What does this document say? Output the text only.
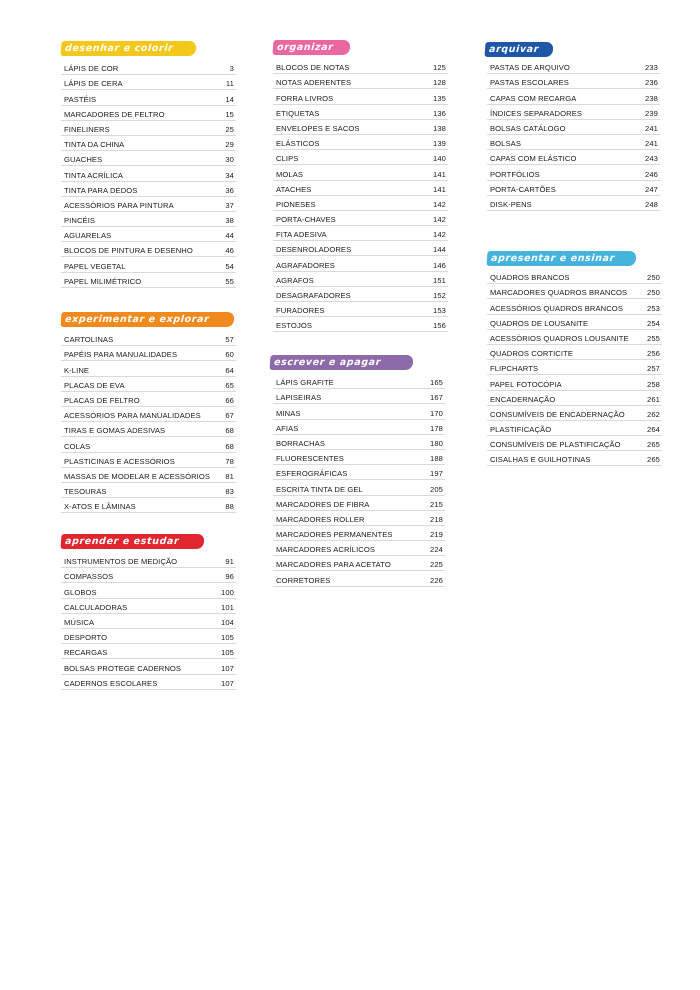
desenhar e colorir
LÁPIS DE COR	3
LÁPIS DE CERA	11
PASTÉIS	14
MARCADORES DE FELTRO	15
FINELINERS	25
TINTA DA CHINA	29
GUACHES	30
TINTA ACRÍLICA	34
TINTA PARA DEDOS	36
ACESSÓRIOS PARA PINTURA	37
PINCÉIS	38
AGUARELAS	44
BLOCOS DE PINTURA E DESENHO	46
PAPEL VEGETAL	54
PAPEL MILIMÉTRICO	55
experimentar e explorar
CARTOLINAS	57
PAPÉIS PARA MANUALIDADES	60
K-LINE	64
PLACAS DE EVA	65
PLACAS DE FELTRO	66
ACESSÓRIOS PARA MANUALIDADES	67
TIRAS E GOMAS ADESIVAS	68
COLAS	68
PLASTICINAS E ACESSÓRIOS	78
MASSAS DE MODELAR E ACESSÓRIOS 81
TESOURAS	83
X-ATOS E LÂMINAS	88
aprender e estudar
INSTRUMENTOS DE MEDIÇÃO	91
COMPASSOS	96
GLOBOS	100
CALCULADORAS	101
MÚSICA	104
DESPORTO	105
RECARGAS	105
BOLSAS PROTEGE CADERNOS	107
CADERNOS ESCOLARES	107
organizar
BLOCOS DE NOTAS	125
NOTAS ADERENTES	128
FORRA LIVROS	135
ETIQUETAS	136
ENVELOPES E SACOS	138
ELÁSTICOS	139
CLIPS	140
MOLAS	141
ATACHES	141
PIONESES	142
PORTA-CHAVES	142
FITA ADESIVA	142
DESENROLADORES	144
AGRAFADORES	146
AGRAFOS	151
DESAGRAFADORES	152
FURADORES	153
ESTOJOS	156
escrever e apagar
LÁPIS GRAFITE	165
LAPISEIRAS	167
MINAS	170
AFIAS	178
BORRACHAS	180
FLUORESCENTES	188
ESFEROGRÁFICAS	197
ESCRITA TINTA DE GEL	205
MARCADORES DE FIBRA	215
MARCADORES ROLLER	218
MARCADORES PERMANENTES	219
MARCADORES ACRÍLICOS	224
MARCADORES PARA ACETATO	225
CORRETORES	226
arquivar
PASTAS DE ARQUIVO	233
PASTAS ESCOLARES	236
CAPAS COM RECARGA	238
ÍNDICES SEPARADORES	239
BOLSAS CATÁLOGO	241
BOLSAS	241
CAPAS COM ELÁSTICO	243
PORTFÓLIOS	246
PORTA-CARTÕES	247
DISK-PENS	248
apresentar e ensinar
QUADROS BRANCOS	250
MARCADORES QUADROS BRANCOS	250
ACESSÓRIOS QUADROS BRANCOS	253
QUADROS DE LOUSANITE	254
ACESSÓRIOS QUADROS LOUSANITE 255
QUADROS CORTICITE	256
FLIPCHARTS	257
PAPEL FOTOCÓPIA	258
ENCADERNAÇÃO	261
CONSUMÍVEIS DE ENCADERNAÇÃO	262
PLASTIFICAÇÃO	264
CONSUMÍVEIS DE PLASTIFICAÇÃO	265
CISALHAS E GUILHOTINAS	265
